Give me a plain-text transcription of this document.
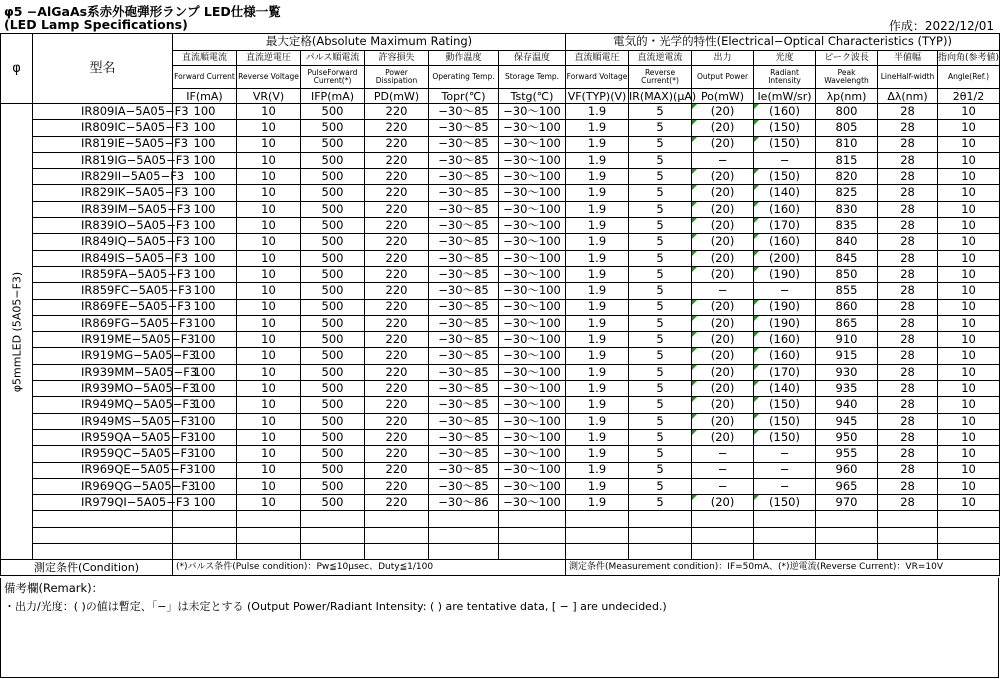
φ5 −AlGaAs系赤外砲弾形ランプ LED仕様一覧
(LED Lamp Specifications)	作成：2022/12/01
φ	型名	最大定格(Absolute Maximum Rating)						電気的・光学的特性(Electrical−Optical Characteristics (TYP))						
		直流順電流	直流逆電圧	パルス順電流	許容損失	動作温度	保存温度	直流順電圧	直流逆電流	出力	光度	ピーク波長	半値幅	指向角(参考値)
		Forward Current	Reverse Voltage	PulseForward Current(*)	Power Dissipation	Operating Temp.	Storage Temp.	Forward Voltage	Reverse Current(*)	Output Power	Radiant Intensity	Peak Wavelength	LineHalf-width	Angle(Ref.)
		IF(mA)	VR(V)	IFP(mA)	PD(mW)	Topr(℃)	Tstg(℃)	VF(TYP)(V)	IR(MAX)(μA)	Po(mW)	Ie(mW/sr)	λp(nm)	Δλ(nm)	2θ1/2

φ5mmLED (5A05−F3)	IR809IA−5A05−F3	100	10	500	220	−30〜85	−30〜100	1.9	5	(20)	(160)	800	28	10
	IR809IC−5A05−F3	100	10	500	220	−30〜85	−30〜100	1.9	5	(20)	(150)	805	28	10
	IR819IE−5A05−F3	100	10	500	220	−30〜85	−30〜100	1.9	5	(20)	(150)	810	28	10
	IR819IG−5A05−F3	100	10	500	220	−30〜85	−30〜100	1.9	5	−	−	815	28	10
	IR829II−5A05−F3	100	10	500	220	−30〜85	−30〜100	1.9	5	(20)	(150)	820	28	10
	IR829IK−5A05−F3	100	10	500	220	−30〜85	−30〜100	1.9	5	(20)	(140)	825	28	10
	IR839IM−5A05−F3	100	10	500	220	−30〜85	−30〜100	1.9	5	(20)	(160)	830	28	10
	IR839IO−5A05−F3	100	10	500	220	−30〜85	−30〜100	1.9	5	(20)	(170)	835	28	10
	IR849IQ−5A05−F3	100	10	500	220	−30〜85	−30〜100	1.9	5	(20)	(160)	840	28	10
	IR849IS−5A05−F3	100	10	500	220	−30〜85	−30〜100	1.9	5	(20)	(200)	845	28	10
	IR859FA−5A05−F3	100	10	500	220	−30〜85	−30〜100	1.9	5	(20)	(190)	850	28	10
	IR859FC−5A05−F3	100	10	500	220	−30〜85	−30〜100	1.9	5	−	−	855	28	10
	IR869FE−5A05−F3	100	10	500	220	−30〜85	−30〜100	1.9	5	(20)	(190)	860	28	10
	IR869FG−5A05−F3	100	10	500	220	−30〜85	−30〜100	1.9	5	(20)	(190)	865	28	10
	IR919ME−5A05−F3	100	10	500	220	−30〜85	−30〜100	1.9	5	(20)	(160)	910	28	10
	IR919MG−5A05−F3	100	10	500	220	−30〜85	−30〜100	1.9	5	(20)	(160)	915	28	10
	IR939MM−5A05−F3	100	10	500	220	−30〜85	−30〜100	1.9	5	(20)	(170)	930	28	10
	IR939MO−5A05−F3	100	10	500	220	−30〜85	−30〜100	1.9	5	(20)	(140)	935	28	10
	IR949MQ−5A05−F3	100	10	500	220	−30〜85	−30〜100	1.9	5	(20)	(150)	940	28	10
	IR949MS−5A05−F3	100	10	500	220	−30〜85	−30〜100	1.9	5	(20)	(150)	945	28	10
	IR959QA−5A05−F3	100	10	500	220	−30〜85	−30〜100	1.9	5	(20)	(150)	950	28	10
	IR959QC−5A05−F3	100	10	500	220	−30〜85	−30〜100	1.9	5	−	−	955	28	10
	IR969QE−5A05−F3	100	10	500	220	−30〜85	−30〜100	1.9	5	−	−	960	28	10
	IR969QG−5A05−F3	100	10	500	220	−30〜85	−30〜100	1.9	5	−	−	965	28	10
	IR979QI−5A05−F3	100	10	500	220	−30〜86	−30〜100	1.9	5	(20)	(150)	970	28	10

測定条件(Condition)		(*)パルス条件(Pulse condition)：Pw≦10μsec、Duty≦1/100						測定条件(Measurement condition)：IF=50mA、(*)逆電流(Reverse Current)：VR=10V						
備考欄(Remark)：
・出力/光度：( )の値は暫定、「−」は未定とする (Output Power/Radiant Intensity: ( ) are tentative data, [ − ] are undecided.)
